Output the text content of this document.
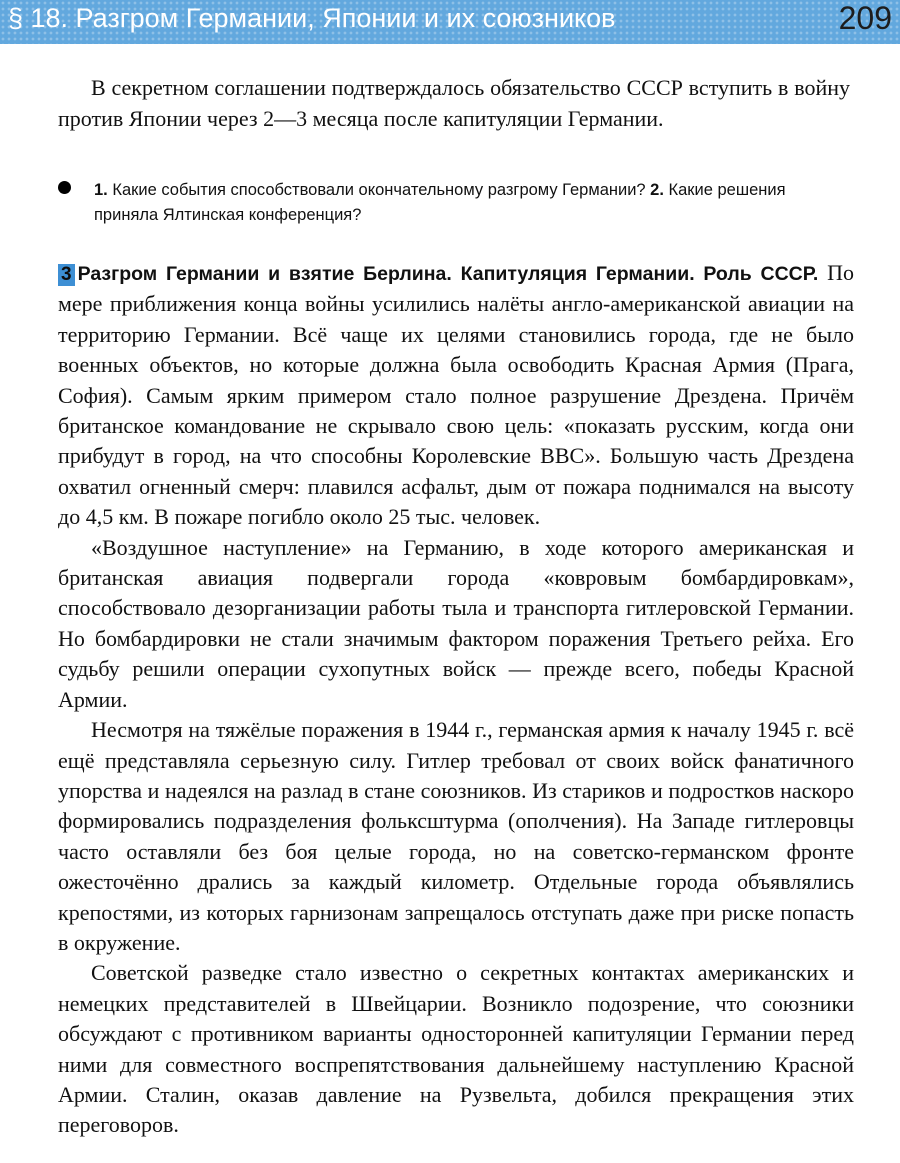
§ 18. Разгром Германии, Японии и их союзников	209

В секретном соглашении подтверждалось обязательство СССР вступить в войну против Японии через 2—3 месяца после капитуляции Германии.

1. Какие события способствовали окончательному разгрому Германии? 2. Какие решения приняла Ялтинская конференция?

3 Разгром Германии и взятие Берлина. Капитуляция Германии. Роль СССР. По мере приближения конца войны усилились налёты англо-американской авиации на территорию Германии. Всё чаще их целями становились города, где не было военных объектов, но которые должна была освободить Красная Армия (Прага, София). Самым ярким примером стало полное разрушение Дрездена. Причём британское командование не скрывало свою цель: «показать русским, когда они прибудут в город, на что способны Королевские ВВС». Большую часть Дрездена охватил огненный смерч: плавился асфальт, дым от пожара поднимался на высоту до 4,5 км. В пожаре погибло около 25 тыс. человек.

«Воздушное наступление» на Германию, в ходе которого американская и британская авиация подвергали города «ковровым бомбардировкам», способствовало дезорганизации работы тыла и транспорта гитлеровской Германии. Но бомбардировки не стали значимым фактором поражения Третьего рейха. Его судьбу решили операции сухопутных войск — прежде всего, победы Красной Армии.

Несмотря на тяжёлые поражения в 1944 г., германская армия к началу 1945 г. всё ещё представляла серьезную силу. Гитлер требовал от своих войск фанатичного упорства и надеялся на разлад в стане союзников. Из стариков и подростков наскоро формировались подразделения фольксштурма (ополчения). На Западе гитлеровцы часто оставляли без боя целые города, но на советско-германском фронте ожесточённо дрались за каждый километр. Отдельные города объявлялись крепостями, из которых гарнизонам запрещалось отступать даже при риске попасть в окружение.

Советской разведке стало известно о секретных контактах американских и немецких представителей в Швейцарии. Возникло подозрение, что союзники обсуждают с противником варианты односторонней капитуляции Германии перед ними для совместного воспрепятствования дальнейшему наступлению Красной Армии. Сталин, оказав давление на Рузвельта, добился прекращения этих переговоров.
